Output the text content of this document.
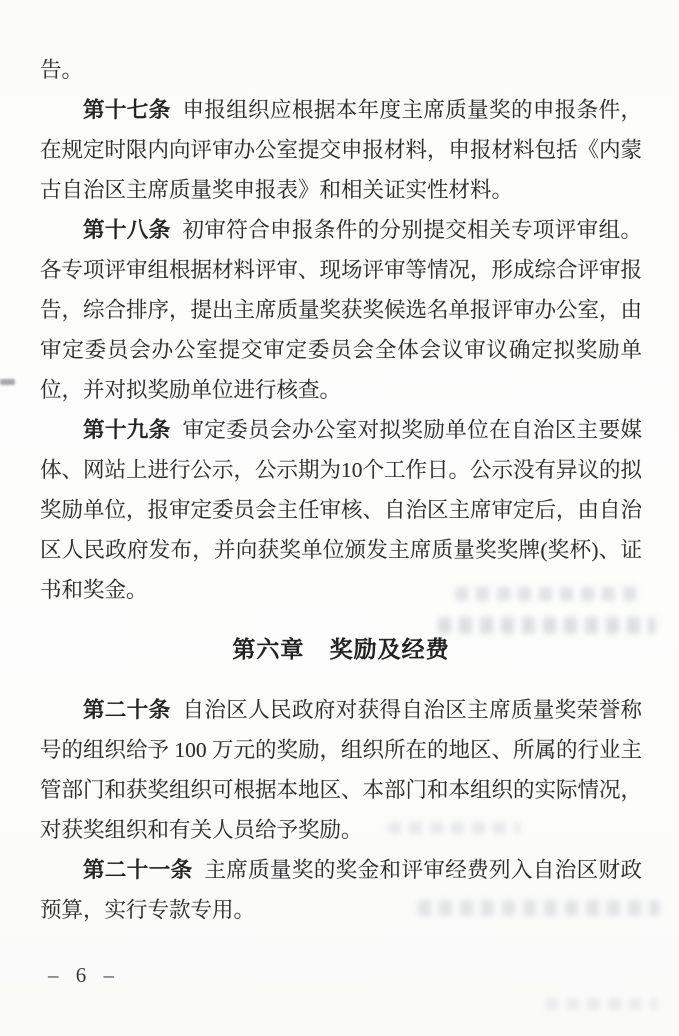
告。

第十七条 申报组织应根据本年度主席质量奖的申报条件，在规定时限内向评审办公室提交申报材料，申报材料包括《内蒙古自治区主席质量奖申报表》和相关证实性材料。

第十八条 初审符合申报条件的分别提交相关专项评审组。各专项评审组根据材料评审、现场评审等情况，形成综合评审报告，综合排序，提出主席质量奖获奖候选名单报评审办公室，由审定委员会办公室提交审定委员会全体会议审议确定拟奖励单位，并对拟奖励单位进行核查。

第十九条 审定委员会办公室对拟奖励单位在自治区主要媒体、网站上进行公示，公示期为10个工作日。公示没有异议的拟奖励单位，报审定委员会主任审核、自治区主席审定后，由自治区人民政府发布，并向获奖单位颁发主席质量奖奖牌(奖杯)、证书和奖金。

第六章 奖励及经费

第二十条 自治区人民政府对获得自治区主席质量奖荣誉称号的组织给予 100 万元的奖励，组织所在的地区、所属的行业主管部门和获奖组织可根据本地区、本部门和本组织的实际情况，对获奖组织和有关人员给予奖励。

第二十一条 主席质量奖的奖金和评审经费列入自治区财政预算，实行专款专用。

– 6 –
